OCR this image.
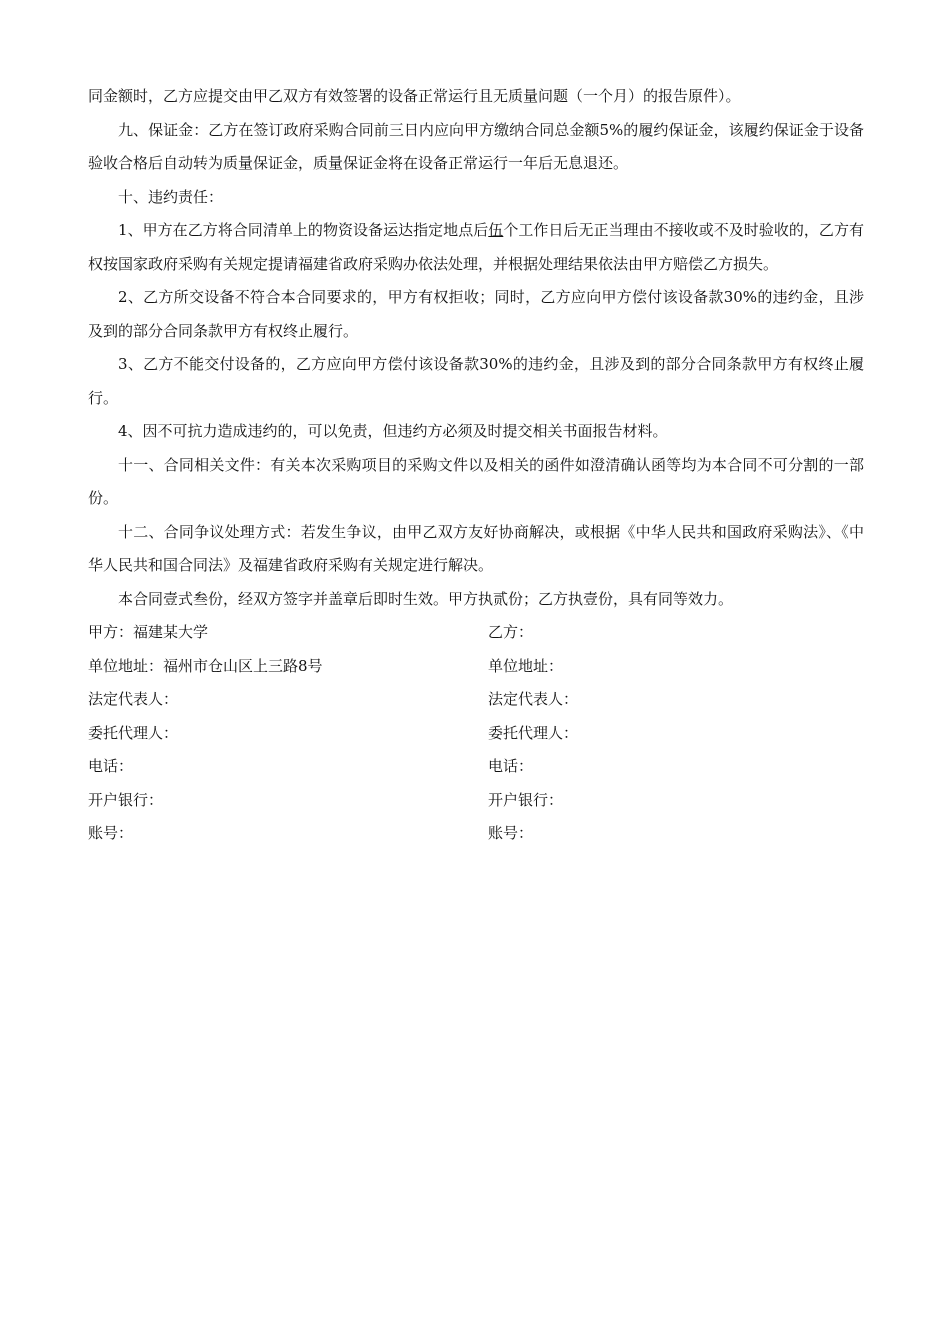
同金额时，乙方应提交由甲乙双方有效签署的设备正常运行且无质量问题（一个月）的报告原件）。

九、保证金：乙方在签订政府采购合同前三日内应向甲方缴纳合同总金额5%的履约保证金，该履约保证金于设备验收合格后自动转为质量保证金，质量保证金将在设备正常运行一年后无息退还。

十、违约责任：

1、甲方在乙方将合同清单上的物资设备运达指定地点后伍个工作日后无正当理由不接收或不及时验收的，乙方有权按国家政府采购有关规定提请福建省政府采购办依法处理，并根据处理结果依法由甲方赔偿乙方损失。

2、乙方所交设备不符合本合同要求的，甲方有权拒收；同时，乙方应向甲方偿付该设备款30%的违约金，且涉及到的部分合同条款甲方有权终止履行。

3、乙方不能交付设备的，乙方应向甲方偿付该设备款30%的违约金，且涉及到的部分合同条款甲方有权终止履行。

4、因不可抗力造成违约的，可以免责，但违约方必须及时提交相关书面报告材料。

十一、合同相关文件：有关本次采购项目的采购文件以及相关的函件如澄清确认函等均为本合同不可分割的一部份。

十二、合同争议处理方式：若发生争议，由甲乙双方友好协商解决，或根据《中华人民共和国政府采购法》、《中华人民共和国合同法》及福建省政府采购有关规定进行解决。

本合同壹式叁份，经双方签字并盖章后即时生效。甲方执贰份；乙方执壹份，具有同等效力。

甲方：福建某大学	乙方：
单位地址：福州市仓山区上三路8号	单位地址：
法定代表人：	法定代表人：
委托代理人：	委托代理人：
电话：	电话：
开户银行：	开户银行：
账号：	账号：
